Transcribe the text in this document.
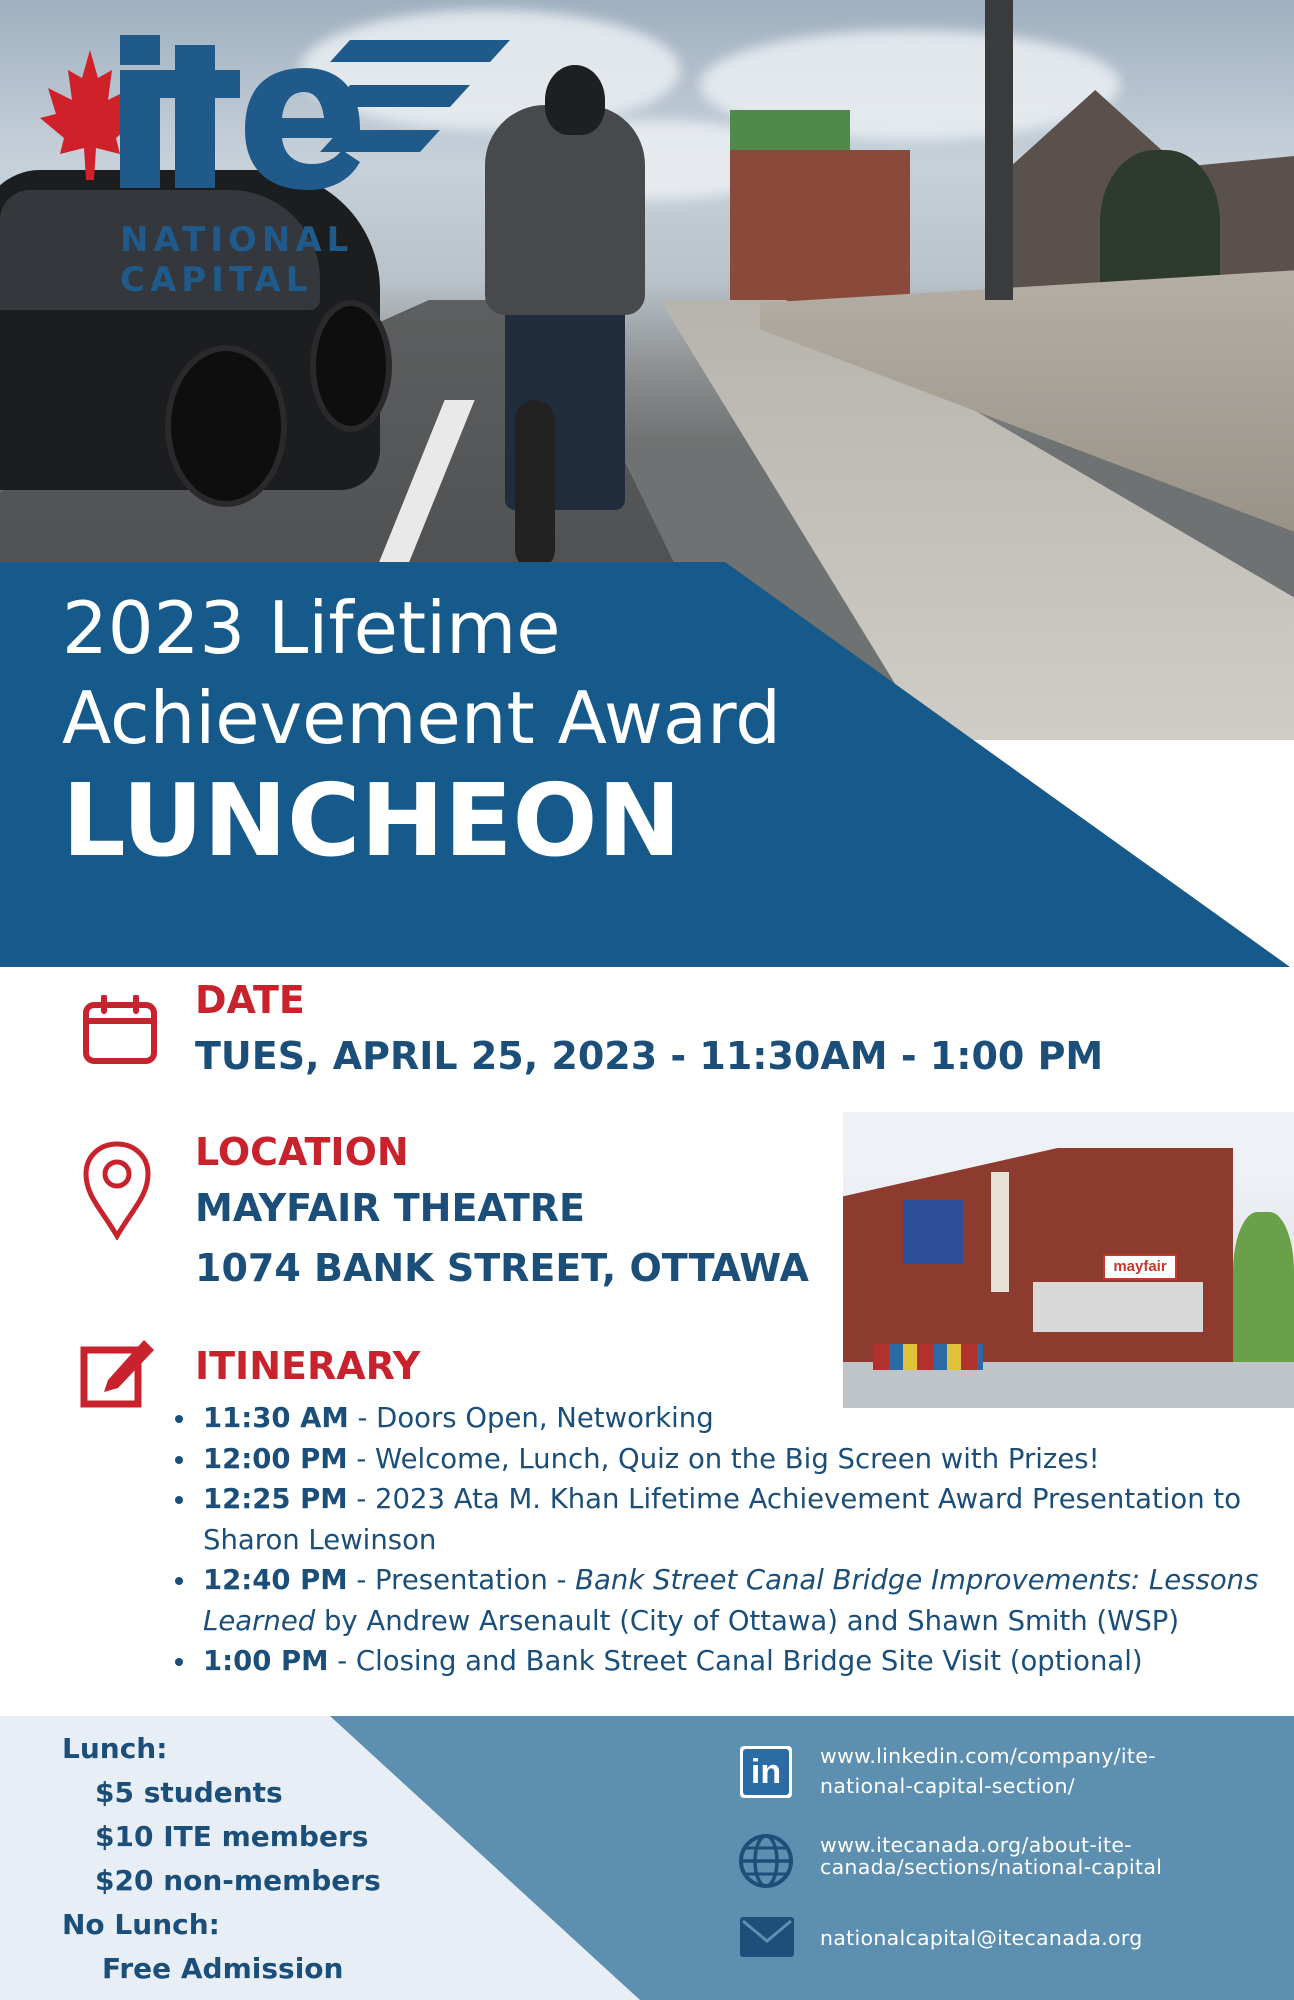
NATIONAL
CAPITAL
2023 Lifetime
Achievement Award
LUNCHEON
DATE
TUES, APRIL 25, 2023 - 11:30AM - 1:00 PM
LOCATION
MAYFAIR THEATRE
1074 BANK STREET, OTTAWA	mayfair
ITINERARY
11:30 AM - Doors Open, Networking
12:00 PM - Welcome, Lunch, Quiz on the Big Screen with Prizes!
12:25 PM - 2023 Ata M. Khan Lifetime Achievement Award Presentation to Sharon Lewinson
12:40 PM - Presentation - Bank Street Canal Bridge Improvements: Lessons Learned by Andrew Arsenault (City of Ottawa) and Shawn Smith (WSP)
1:00 PM - Closing and Bank Street Canal Bridge Site Visit (optional)
Lunch:
$5 students
$10 ITE members
$20 non-members
No Lunch:
Free Admission
in	www.linkedin.com/company/ite-
national-capital-section/
www.itecanada.org/about-ite-
canada/sections/national-capital
nationalcapital@itecanada.org
